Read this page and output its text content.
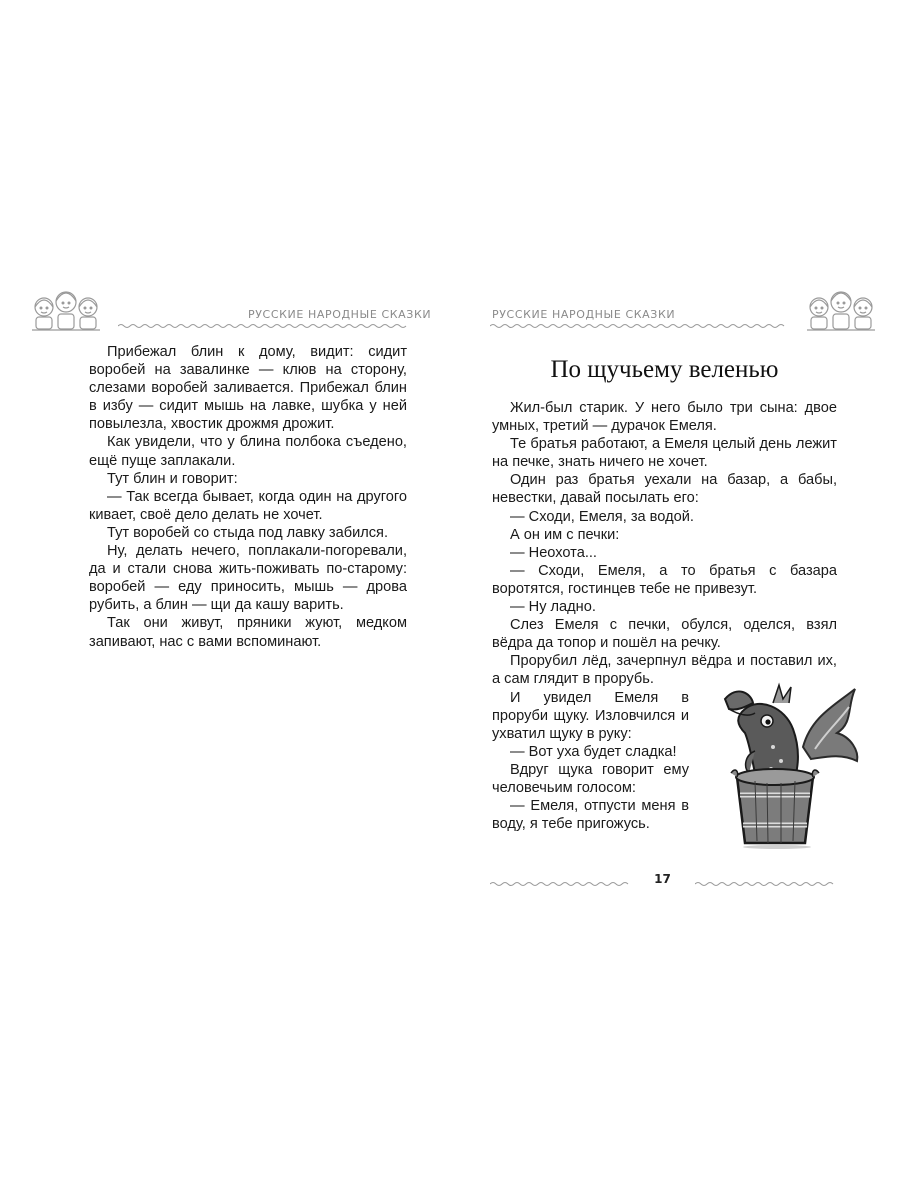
РУССКИЕ НАРОДНЫЕ СКАЗКИ

Прибежал блин к дому, видит: сидит воробей на завалинке — клюв на сторону, слезами воробей заливается. Прибежал блин в избу — сидит мышь на лавке, шубка у ней повылезла, хвостик дрожмя дрожит.

Как увидели, что у блина полбока съедено, ещё пуще заплакали.

Тут блин и говорит:

— Так всегда бывает, когда один на другого кивает, своё дело делать не хочет.

Тут воробей со стыда под лавку забился.

Ну, делать нечего, поплакали-погоревали, да и стали снова жить-поживать по-старому: воробей — еду приносить, мышь — дрова рубить, а блин — щи да кашу варить.

Так они живут, пряники жуют, медком запивают, нас с вами вспоминают.

РУССКИЕ НАРОДНЫЕ СКАЗКИ
По щучьему веленью

Жил-был старик. У него было три сына: двое умных, третий — дурачок Емеля.

Те братья работают, а Емеля целый день лежит на печке, знать ничего не хочет.

Один раз братья уехали на базар, а бабы, невестки, давай посылать его:

— Сходи, Емеля, за водой.

А он им с печки:

— Неохота...

— Сходи, Емеля, а то братья с базара воротятся, гостинцев тебе не привезут.

— Ну ладно.

Слез Емеля с печки, обулся, оделся, взял вёдра да топор и пошёл на речку.

Прорубил лёд, зачерпнул вёдра и поставил их, а сам глядит в прорубь.

И увидел Емеля в проруби щуку. Изловчился и ухватил щуку в руку:

— Вот уха будет сладка!

Вдруг щука говорит ему человечьим голосом:

— Емеля, отпусти меня в воду, я тебе пригожусь.

17
